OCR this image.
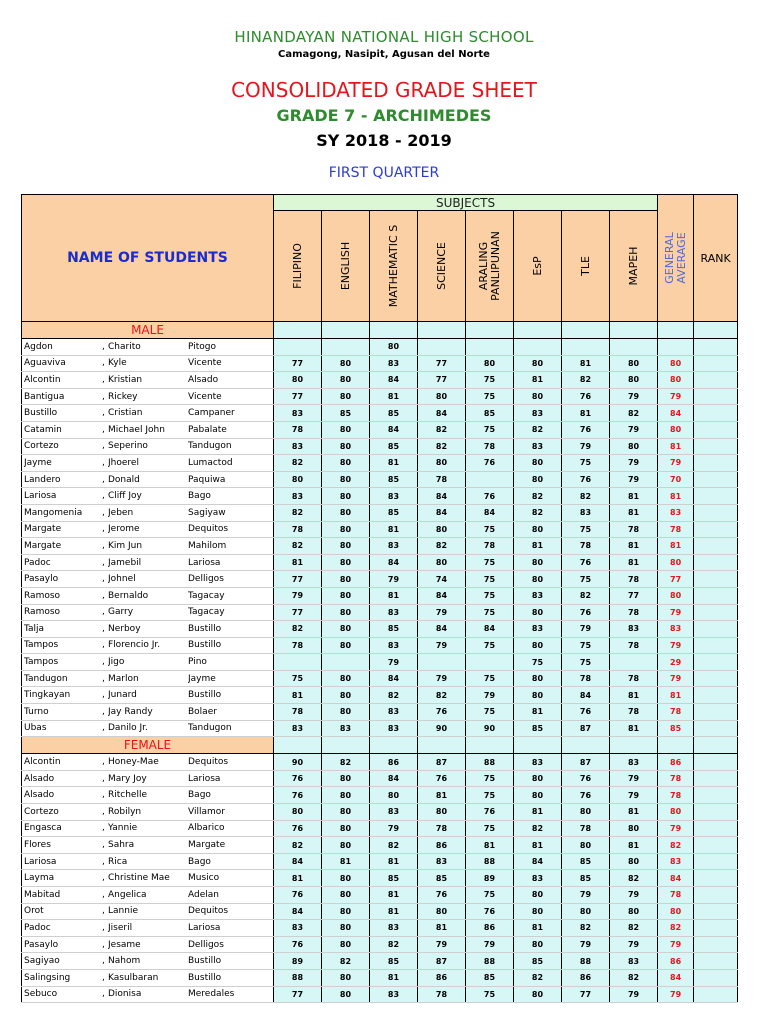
HINANDAYAN NATIONAL HIGH SCHOOL
Camagong, Nasipit, Agusan del Norte
CONSOLIDATED GRADE SHEET
GRADE 7 - ARCHIMEDES
SY 2018 - 2019
FIRST QUARTER
NAME OF STUDENTS	SUBJECTS								GENERAL AVERAGE	RANK

	FILIPINO	ENGLISH	MATHEMATIC S	SCIENCE	ARALING PANLIPUNAN	EsP	TLE	MAPEH		

MALE										
Agdon , Charito Pitogo			80							
Aguaviva , Kyle Vicente	77	80	83	77	80	80	81	80	80	
Alcontin , Kristian Alsado	80	80	84	77	75	81	82	80	80	
Bantigua , Rickey Vicente	77	80	81	80	75	80	76	79	79	
Bustillo , Cristian Campaner	83	85	85	84	85	83	81	82	84	
Catamin , Michael John Pabalate	78	80	84	82	75	82	76	79	80	
Cortezo , Seperino Tandugon	83	80	85	82	78	83	79	80	81	
Jayme , Jhoerel Lumactod	82	80	81	80	76	80	75	79	79	
Landero , Donald Paquiwa	80	80	85	78		80	76	79	70	
Lariosa , Cliff Joy Bago	83	80	83	84	76	82	82	81	81	
Mangomenia , Jeben Sagiyaw	82	80	85	84	84	82	83	81	83	
Margate , Jerome Dequitos	78	80	81	80	75	80	75	78	78	
Margate , Kim Jun Mahilom	82	80	83	82	78	81	78	81	81	
Padoc , Jamebil Lariosa	81	80	84	80	75	80	76	81	80	
Pasaylo , Johnel Delligos	77	80	79	74	75	80	75	78	77	
Ramoso , Bernaldo Tagacay	79	80	81	84	75	83	82	77	80	
Ramoso , Garry Tagacay	77	80	83	79	75	80	76	78	79	
Talja , Nerboy Bustillo	82	80	85	84	84	83	79	83	83	
Tampos , Florencio Jr. Bustillo	78	80	83	79	75	80	75	78	79	
Tampos , Jigo Pino			79			75	75		29	
Tandugon , Marlon Jayme	75	80	84	79	75	80	78	78	79	
Tingkayan , Junard Bustillo	81	80	82	82	79	80	84	81	81	
Turno , Jay Randy Bolaer	78	80	83	76	75	81	76	78	78	
Ubas , Danilo Jr. Tandugon	83	83	83	90	90	85	87	81	85	
FEMALE										
Alcontin , Honey-Mae Dequitos	90	82	86	87	88	83	87	83	86	
Alsado , Mary Joy Lariosa	76	80	84	76	75	80	76	79	78	
Alsado , Ritchelle Bago	76	80	80	81	75	80	76	79	78	
Cortezo , Robilyn Villamor	80	80	83	80	76	81	80	81	80	
Engasca , Yannie Albarico	76	80	79	78	75	82	78	80	79	
Flores , Sahra Margate	82	80	82	86	81	81	80	81	82	
Lariosa , Rica Bago	84	81	81	83	88	84	85	80	83	
Layma , Christine Mae Musico	81	80	85	85	89	83	85	82	84	
Mabitad , Angelica Adelan	76	80	81	76	75	80	79	79	78	
Orot , Lannie Dequitos	84	80	81	80	76	80	80	80	80	
Padoc , Jiseril Lariosa	83	80	83	81	86	81	82	82	82	
Pasaylo , Jesame Delligos	76	80	82	79	79	80	79	79	79	
Sagiyao , Nahom Bustillo	89	82	85	87	88	85	88	83	86	
Salingsing , Kasulbaran Bustillo	88	80	81	86	85	82	86	82	84	
Sebuco , Dionisa Meredales	77	80	83	78	75	80	77	79	79	
